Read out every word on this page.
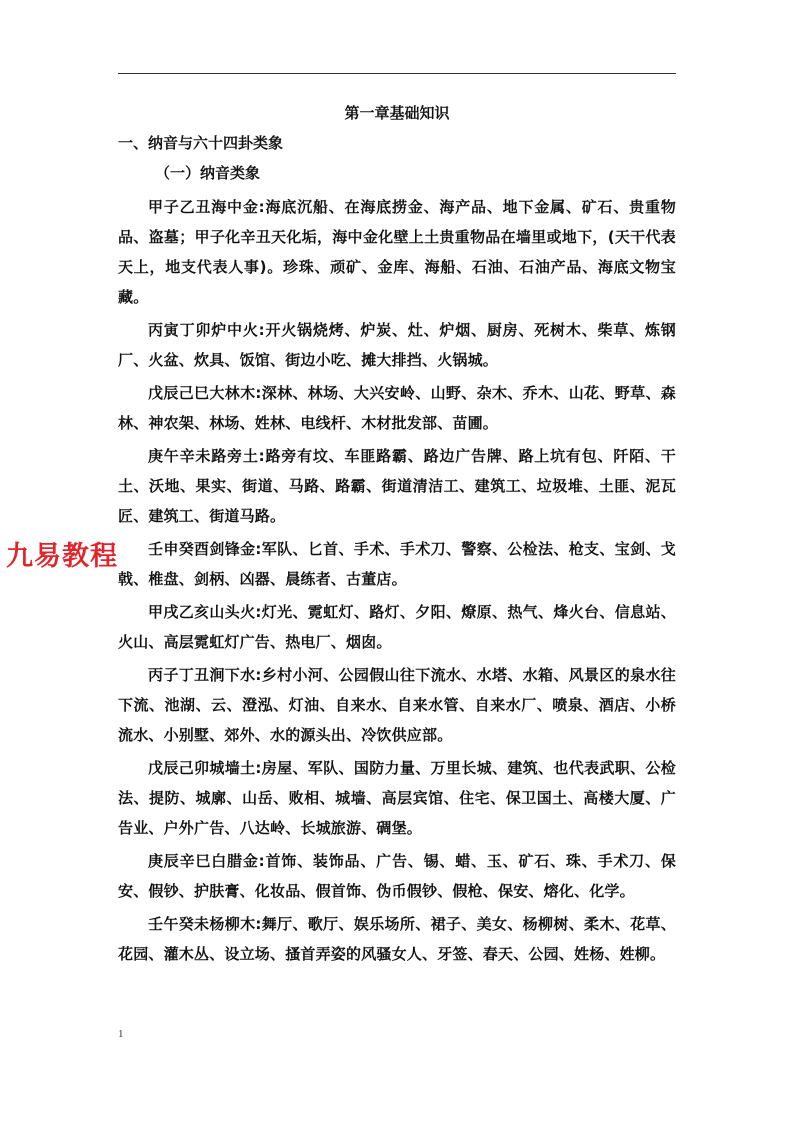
第一章基础知识
一、纳音与六十四卦类象
（一）纳音类象

甲子乙丑海中金:海底沉船、在海底捞金、海产品、地下金属、矿石、贵重物品、盗墓；甲子化辛丑天化垢，海中金化壁上土贵重物品在墙里或地下，(天干代表天上，地支代表人事)。珍珠、顽矿、金库、海船、石油、石油产品、海底文物宝藏。

丙寅丁卯炉中火:开火锅烧烤、炉炭、灶、炉烟、厨房、死树木、柴草、炼钢厂、火盆、炊具、饭馆、街边小吃、摊大排挡、火锅城。

戊辰己巳大林木:深林、林场、大兴安岭、山野、杂木、乔木、山花、野草、森林、神农架、林场、姓林、电线杆、木材批发部、苗圃。

庚午辛未路旁土:路旁有坟、车匪路霸、路边广告牌、路上坑有包、阡陌、干土、沃地、果实、街道、马路、路霸、街道清洁工、建筑工、垃圾堆、土匪、泥瓦匠、建筑工、街道马路。

壬申癸酉剑锋金:军队、匕首、手术、手术刀、警察、公检法、枪支、宝剑、戈戟、椎盘、剑柄、凶器、晨练者、古董店。

甲戌乙亥山头火:灯光、霓虹灯、路灯、夕阳、燎原、热气、烽火台、信息站、火山、高层霓虹灯广告、热电厂、烟囱。

丙子丁丑涧下水:乡村小河、公园假山往下流水、水塔、水箱、风景区的泉水往下流、池湖、云、澄泓、灯油、自来水、自来水管、自来水厂、喷泉、酒店、小桥流水、小别墅、郊外、水的源头出、冷饮供应部。

戊辰己卯城墙土:房屋、军队、国防力量、万里长城、建筑、也代表武职、公检法、提防、城廓、山岳、败相、城墙、高层宾馆、住宅、保卫国土、高楼大厦、广告业、户外广告、八达岭、长城旅游、碉堡。

庚辰辛巳白腊金:首饰、装饰品、广告、锡、蜡、玉、矿石、珠、手术刀、保安、假钞、护肤膏、化妆品、假首饰、伪币假钞、假枪、保安、熔化、化学。

壬午癸未杨柳木:舞厅、歌厅、娱乐场所、裙子、美女、杨柳树、柔木、花草、花园、灌木丛、设立场、搔首弄姿的风骚女人、牙签、春天、公园、姓杨、姓柳。

九易教程
1
